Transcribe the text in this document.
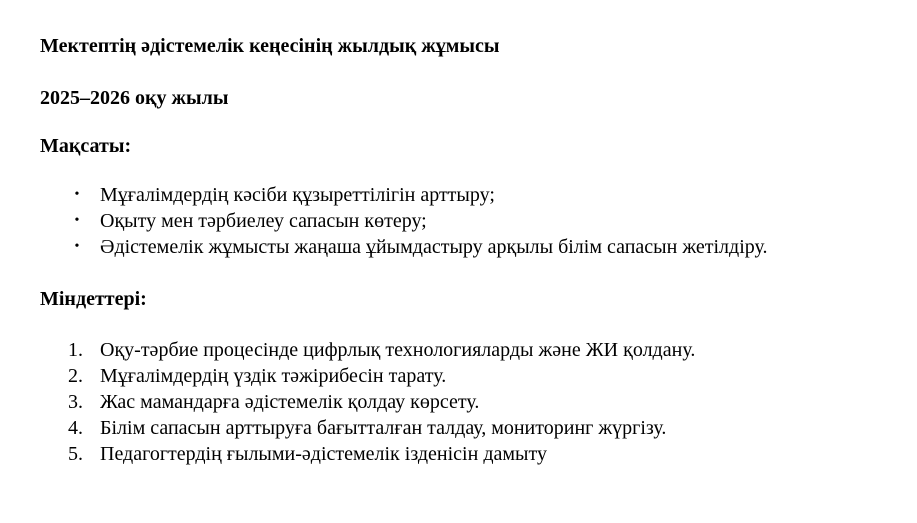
Мектептің әдістемелік кеңесінің жылдық жұмысы
2025–2026 оқу жылы
Мақсаты:
• Мұғалімдердің кәсіби құзыреттілігін арттыру;
• Оқыту мен тәрбиелеу сапасын көтеру;
• Әдістемелік жұмысты жаңаша ұйымдастыру арқылы білім сапасын жетілдіру.
Міндеттері:
1. Оқу-тәрбие процесінде цифрлық технологияларды және ЖИ қолдану.
2. Мұғалімдердің үздік тәжірибесін тарату.
3. Жас мамандарға әдістемелік қолдау көрсету.
4. Білім сапасын арттыруға бағытталған талдау, мониторинг жүргізу.
5. Педагогтердің ғылыми-әдістемелік ізденісін дамыту
